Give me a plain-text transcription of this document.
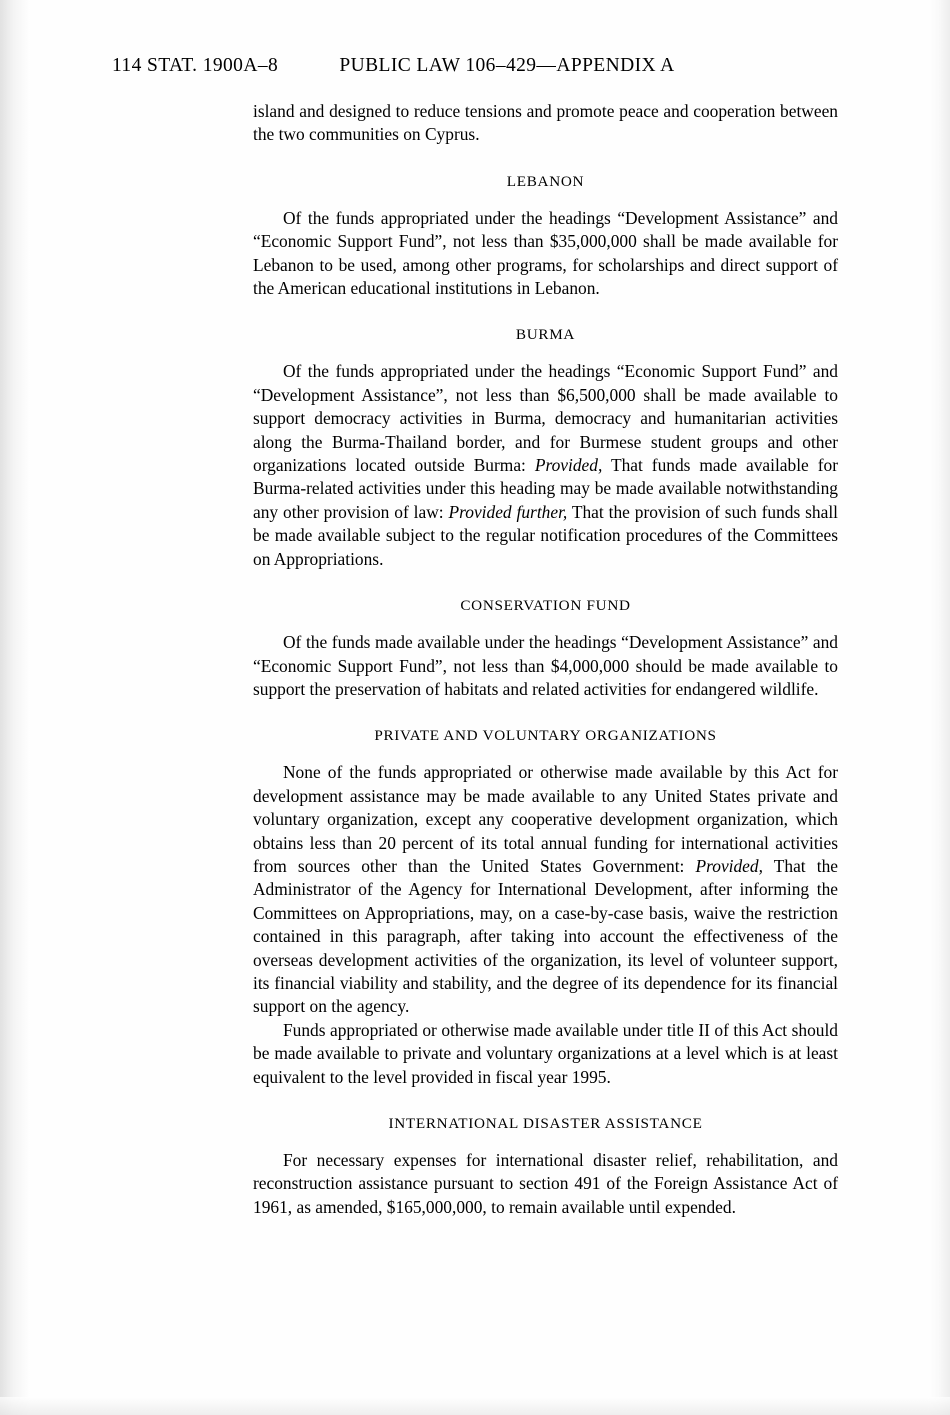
114 STAT. 1900A–8	PUBLIC LAW 106–429—APPENDIX A

island and designed to reduce tensions and promote peace and cooperation between the two communities on Cyprus.

LEBANON

Of the funds appropriated under the headings “Development Assistance” and “Economic Support Fund”, not less than $35,000,000 shall be made available for Lebanon to be used, among other programs, for scholarships and direct support of the American educational institutions in Lebanon.

BURMA

Of the funds appropriated under the headings “Economic Support Fund” and “Development Assistance”, not less than $6,500,000 shall be made available to support democracy activities in Burma, democracy and humanitarian activities along the Burma-Thailand border, and for Burmese student groups and other organizations located outside Burma: Provided, That funds made available for Burma-related activities under this heading may be made available notwithstanding any other provision of law: Provided further, That the provision of such funds shall be made available subject to the regular notification procedures of the Committees on Appropriations.

CONSERVATION FUND

Of the funds made available under the headings “Development Assistance” and “Economic Support Fund”, not less than $4,000,000 should be made available to support the preservation of habitats and related activities for endangered wildlife.

PRIVATE AND VOLUNTARY ORGANIZATIONS

None of the funds appropriated or otherwise made available by this Act for development assistance may be made available to any United States private and voluntary organization, except any cooperative development organization, which obtains less than 20 percent of its total annual funding for international activities from sources other than the United States Government: Provided, That the Administrator of the Agency for International Development, after informing the Committees on Appropriations, may, on a case-by-case basis, waive the restriction contained in this paragraph, after taking into account the effectiveness of the overseas development activities of the organization, its level of volunteer support, its financial viability and stability, and the degree of its dependence for its financial support on the agency.

Funds appropriated or otherwise made available under title II of this Act should be made available to private and voluntary organizations at a level which is at least equivalent to the level provided in fiscal year 1995.

INTERNATIONAL DISASTER ASSISTANCE

For necessary expenses for international disaster relief, rehabilitation, and reconstruction assistance pursuant to section 491 of the Foreign Assistance Act of 1961, as amended, $165,000,000, to remain available until expended.
